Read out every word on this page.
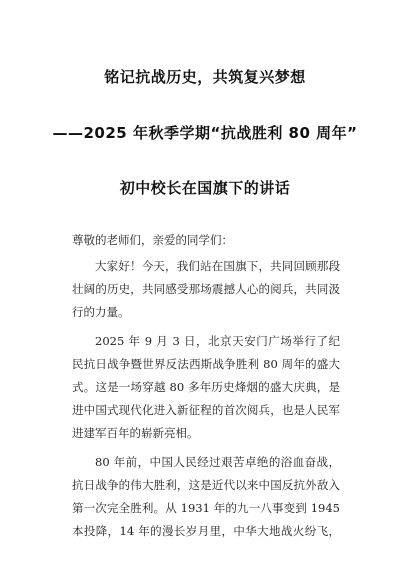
铭记抗战历史，共筑复兴梦想
——2025 年秋季学期“抗战胜利 80 周年”
初中校长在国旗下的讲话
尊敬的老师们，亲爱的同学们：
大家好！今天，我们站在国旗下，共同回顾那段
壮阔的历史，共同感受那场震撼人心的阅兵，共同汲
行的力量。
2025 年 9 月 3 日，北京天安门广场举行了纪
民抗日战争暨世界反法西斯战争胜利 80 周年的盛大
式。这是一场穿越 80 多年历史烽烟的盛大庆典，是
进中国式现代化进入新征程的首次阅兵，也是人民军
进建军百年的崭新亮相。
80 年前，中国人民经过艰苦卓绝的浴血奋战，
抗日战争的伟大胜利，这是近代以来中国反抗外敌入
第一次完全胜利。从 1931 年的九一八事变到 1945
本投降，14 年的漫长岁月里，中华大地战火纷飞，
